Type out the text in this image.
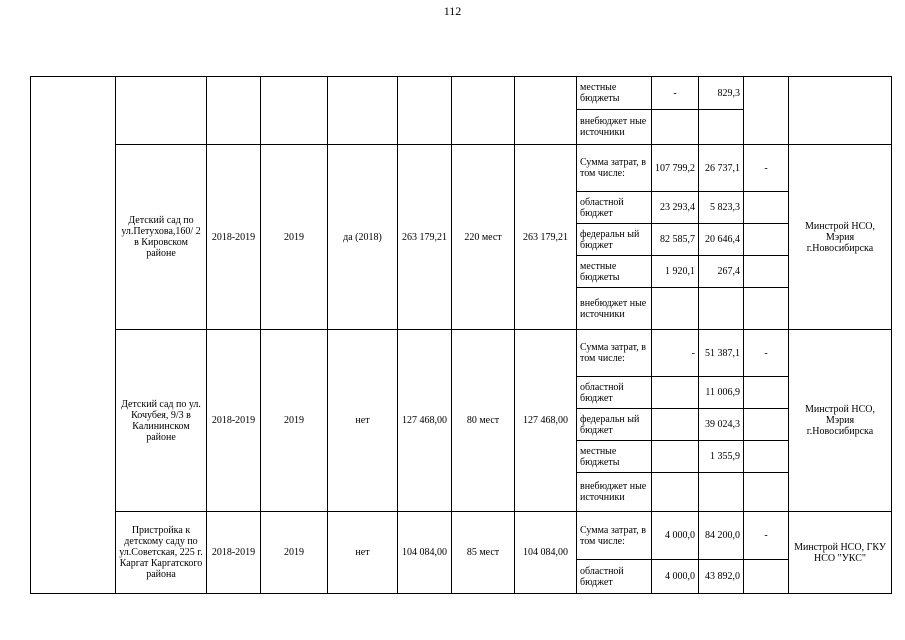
112
								местные бюджеты	-	829,3		
								внебюджет ные источники				
	Детский сад по ул.Петухова,160/ 2 в Кировском районе	2018-2019	2019	да (2018)	263 179,21	220 мест	263 179,21	Сумма затрат, в том числе:	107 799,2	26 737,1	-	Минстрой НСО, Мэрия г.Новосибирска
								областной бюджет	23 293,4	5 823,3		
								федеральн ый бюджет	82 585,7	20 646,4		
								местные бюджеты	1 920,1	267,4		
								внебюджет ные источники				
	Детский сад по ул. Кочубея, 9/3 в Калининском районе	2018-2019	2019	нет	127 468,00	80 мест	127 468,00	Сумма затрат, в том числе:	-	51 387,1	-	Минстрой НСО, Мэрия г.Новосибирска
								областной бюджет		11 006,9		
								федеральн ый бюджет		39 024,3		
								местные бюджеты		1 355,9		
								внебюджет ные источники				
	Пристройка к детскому саду по ул.Советская, 225 г. Каргат Каргатского района	2018-2019	2019	нет	104 084,00	85 мест	104 084,00	Сумма затрат, в том числе:	4 000,0	84 200,0	-	Минстрой НСО, ГКУ НСО "УКС"
								областной бюджет	4 000,0	43 892,0		
